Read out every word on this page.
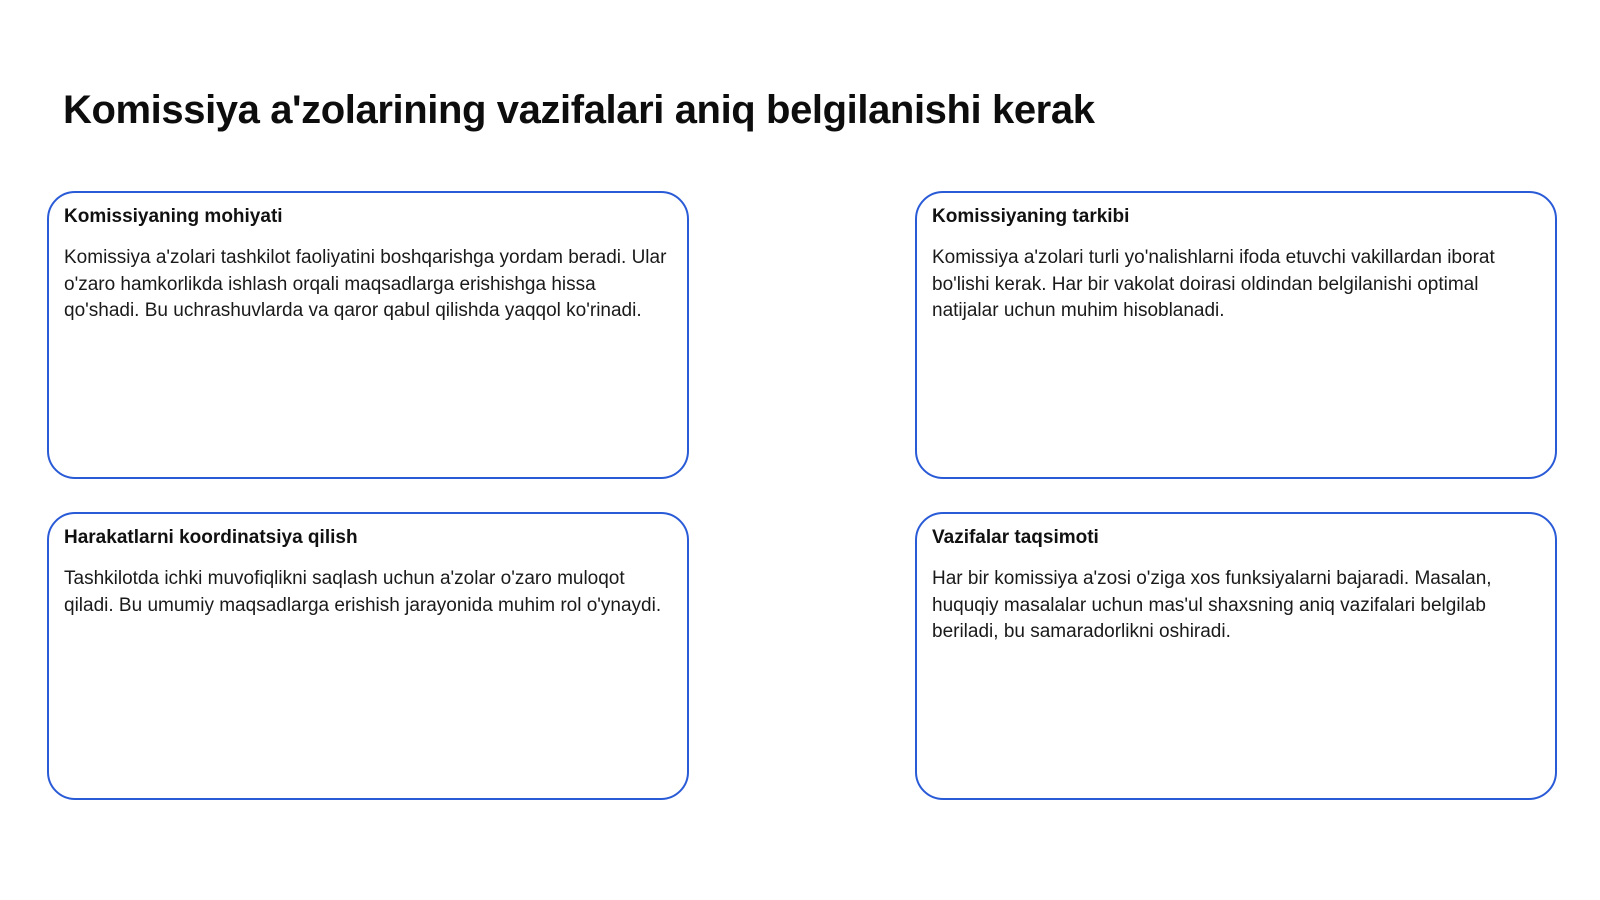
Komissiya a'zolarining vazifalari aniq belgilanishi kerak
Komissiyaning mohiyati

Komissiya a'zolari tashkilot faoliyatini boshqarishga yordam beradi. Ular o'zaro hamkorlikda ishlash orqali maqsadlarga erishishga hissa qo'shadi. Bu uchrashuvlarda va qaror qabul qilishda yaqqol ko'rinadi.

Komissiyaning tarkibi

Komissiya a'zolari turli yo'nalishlarni ifoda etuvchi vakillardan iborat bo'lishi kerak. Har bir vakolat doirasi oldindan belgilanishi optimal natijalar uchun muhim hisoblanadi.

Harakatlarni koordinatsiya qilish

Tashkilotda ichki muvofiqlikni saqlash uchun a'zolar o'zaro muloqot qiladi. Bu umumiy maqsadlarga erishish jarayonida muhim rol o'ynaydi.

Vazifalar taqsimoti

Har bir komissiya a'zosi o'ziga xos funksiyalarni bajaradi. Masalan, huquqiy masalalar uchun mas'ul shaxsning aniq vazifalari belgilab beriladi, bu samaradorlikni oshiradi.
